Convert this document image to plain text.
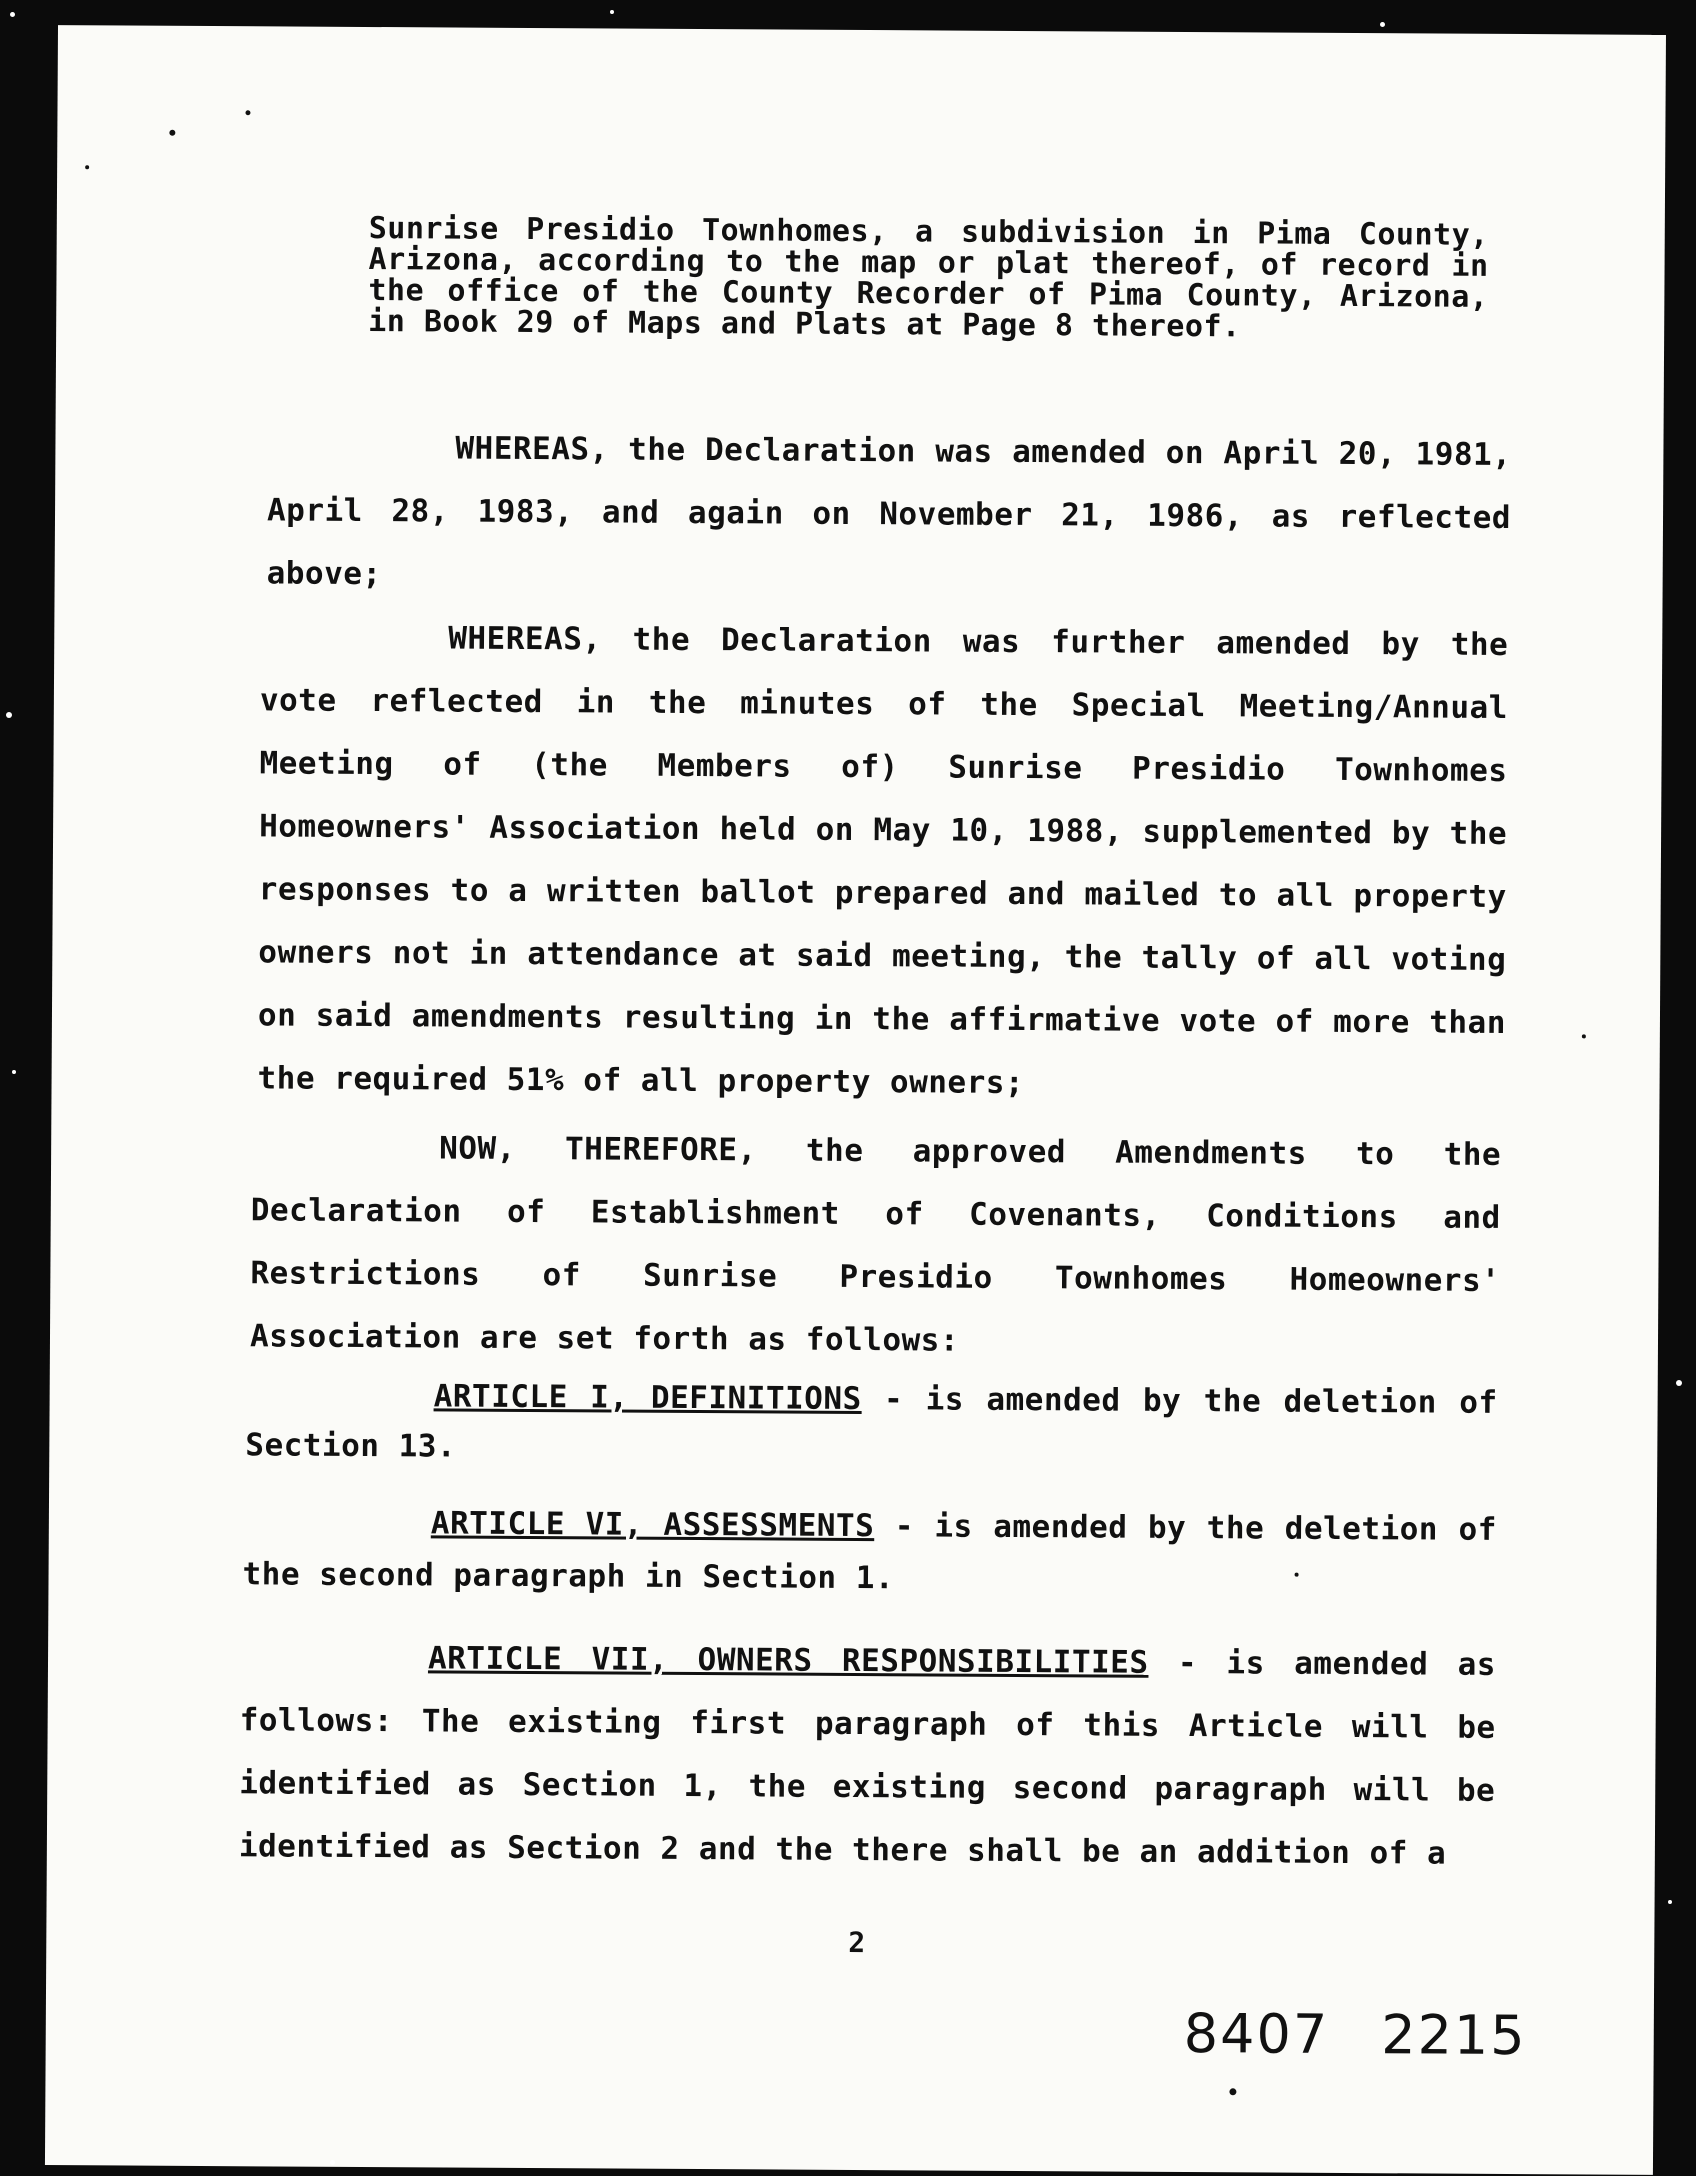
Sunrise Presidio Townhomes, a subdivision in Pima County, Arizona, according to the map or plat thereof, of record in the office of the County Recorder of Pima County, Arizona, in Book 29 of Maps and Plats at Page 8 thereof.
WHEREAS, the Declaration was amended on April 20, 1981, April 28, 1983, and again on November 21, 1986, as reflected above;
WHEREAS, the Declaration was further amended by the vote reflected in the minutes of the Special Meeting/Annual Meeting of (the Members of) Sunrise Presidio Townhomes Homeowners' Association held on May 10, 1988, supplemented by the responses to a written ballot prepared and mailed to all property owners not in attendance at said meeting, the tally of all voting on said amendments resulting in the affirmative vote of more than the required 51% of all property owners;
NOW, THEREFORE, the approved Amendments to the Declaration of Establishment of Covenants, Conditions and Restrictions of Sunrise Presidio Townhomes Homeowners' Association are set forth as follows:
ARTICLE I, DEFINITIONS - is amended by the deletion of Section 13.
ARTICLE VI, ASSESSMENTS - is amended by the deletion of the second paragraph in Section 1.
ARTICLE VII, OWNERS RESPONSIBILITIES - is amended as follows: The existing first paragraph of this Article will be identified as Section 1, the existing second paragraph will be identified as Section 2 and the there shall be an addition of a
2
8407 2215
